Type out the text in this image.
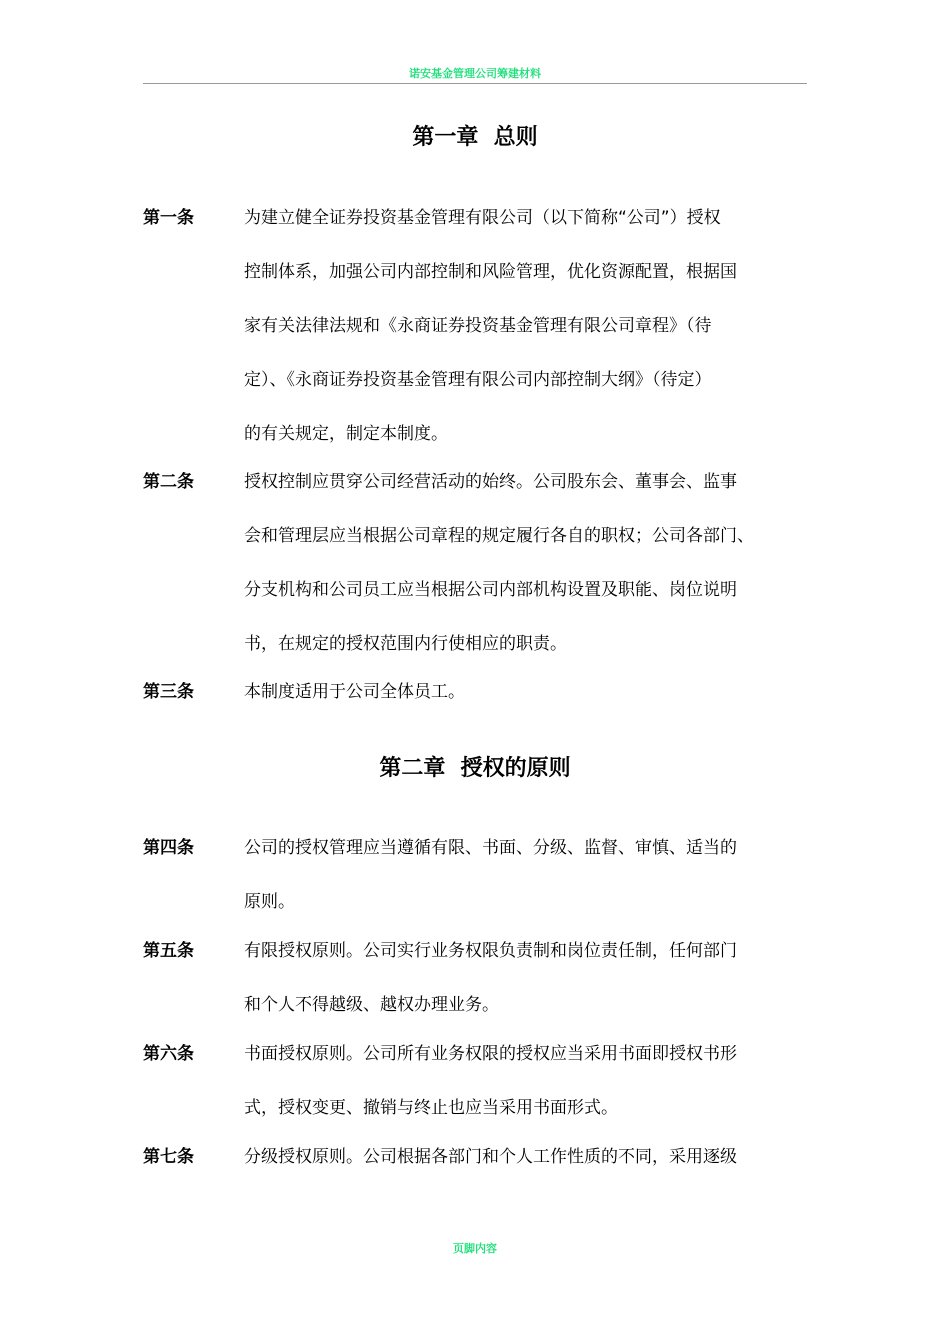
诺安基金管理公司筹建材料
第一章  总则
第一条	为建立健全证券投资基金管理有限公司（以下简称“公司”）授权
控制体系，加强公司内部控制和风险管理，优化资源配置，根据国
家有关法律法规和《永商证券投资基金管理有限公司章程》（待
定）、《永商证券投资基金管理有限公司内部控制大纲》（待定）
的有关规定，制定本制度。
第二条	授权控制应贯穿公司经营活动的始终。公司股东会、董事会、监事
会和管理层应当根据公司章程的规定履行各自的职权；公司各部门、
分支机构和公司员工应当根据公司内部机构设置及职能、岗位说明
书，在规定的授权范围内行使相应的职责。
第三条	本制度适用于公司全体员工。
第二章  授权的原则
第四条	公司的授权管理应当遵循有限、书面、分级、监督、审慎、适当的
原则。
第五条	有限授权原则。公司实行业务权限负责制和岗位责任制，任何部门
和个人不得越级、越权办理业务。
第六条	书面授权原则。公司所有业务权限的授权应当采用书面即授权书形
式，授权变更、撤销与终止也应当采用书面形式。
第七条	分级授权原则。公司根据各部门和个人工作性质的不同，采用逐级
页脚内容
